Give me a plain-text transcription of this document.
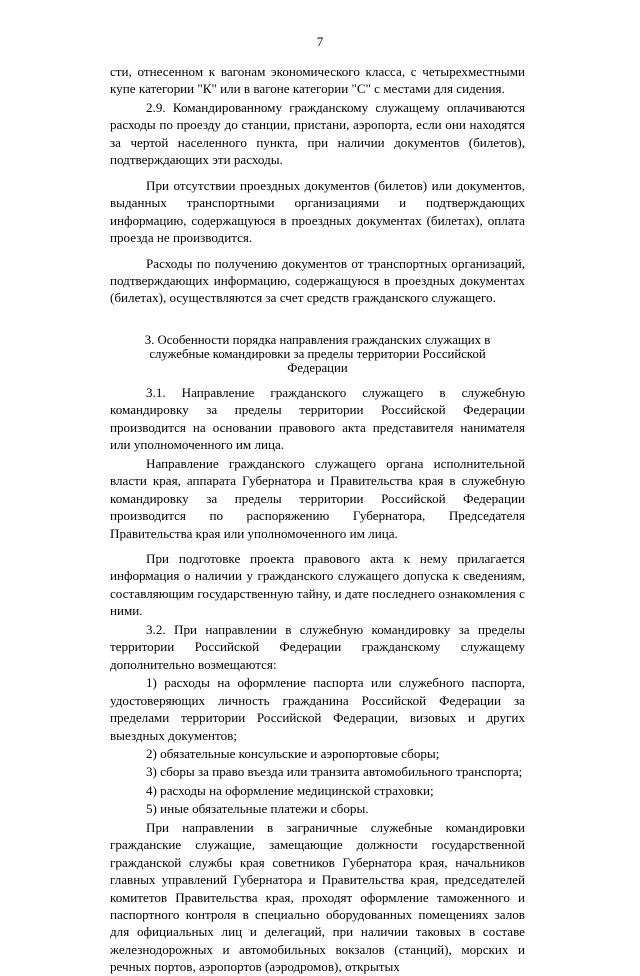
7

сти, отнесенном к вагонам экономического класса, с четырехместными купе категории "К" или в вагоне категории "С" с местами для сидения.

2.9. Командированному гражданскому служащему оплачиваются расходы по проезду до станции, пристани, аэропорта, если они находятся за чертой населенного пункта, при наличии документов (билетов), подтверждающих эти расходы.

При отсутствии проездных документов (билетов) или документов, выданных транспортными организациями и подтверждающих информацию, содержащуюся в проездных документах (билетах), оплата проезда не производится.

Расходы по получению документов от транспортных организаций, подтверждающих информацию, содержащуюся в проездных документах (билетах), осуществляются за счет средств гражданского служащего.

3. Особенности порядка направления гражданских служащих в служебные командировки за пределы территории Российской Федерации

3.1. Направление гражданского служащего в служебную командировку за пределы территории Российской Федерации производится на основании правового акта представителя нанимателя или уполномоченного им лица.

Направление гражданского служащего органа исполнительной власти края, аппарата Губернатора и Правительства края в служебную командировку за пределы территории Российской Федерации производится по распоряжению Губернатора, Председателя Правительства края или уполномоченного им лица.

При подготовке проекта правового акта к нему прилагается информация о наличии у гражданского служащего допуска к сведениям, составляющим государственную тайну, и дате последнего ознакомления с ними.

3.2. При направлении в служебную командировку за пределы территории Российской Федерации гражданскому служащему дополнительно возмещаются:

1) расходы на оформление паспорта или служебного паспорта, удостоверяющих личность гражданина Российской Федерации за пределами территории Российской Федерации, визовых и других выездных документов;

2) обязательные консульские и аэропортовые сборы;

3) сборы за право въезда или транзита автомобильного транспорта;

4) расходы на оформление медицинской страховки;

5) иные обязательные платежи и сборы.

При направлении в заграничные служебные командировки гражданские служащие, замещающие должности государственной гражданской службы края советников Губернатора края, начальников главных управлений Губернатора и Правительства края, председателей комитетов Правительства края, проходят оформление таможенного и паспортного контроля в специально оборудованных помещениях залов для официальных лиц и делегаций, при наличии таковых в составе железнодорожных и автомобильных вокзалов (станций), морских и речных портов, аэропортов (аэродромов), открытых
